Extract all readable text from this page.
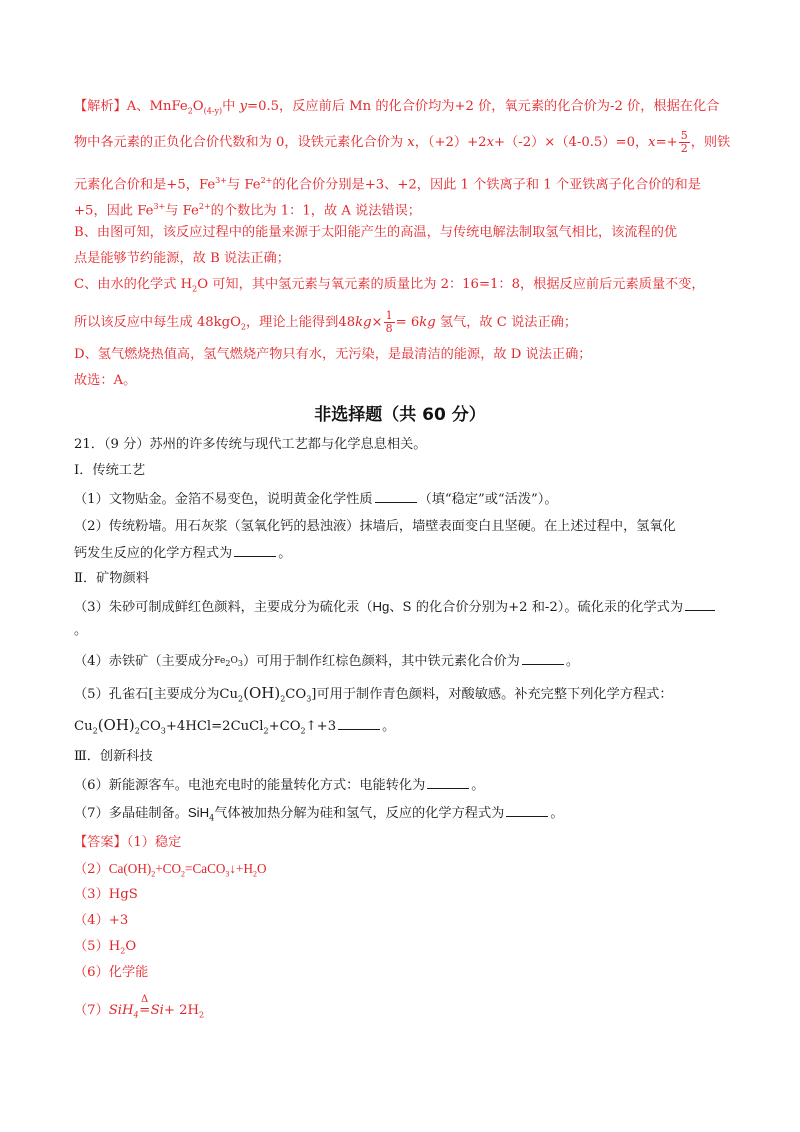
【解析】A、$MnFe_2O_{(4-y)}$中 y=0.5，反应前后 Mn 的化合价均为+2 价，氧元素的化合价为-2 价，根据在化合
物中各元素的正负化合价代数和为 0，设铁元素化合价为 x，（+2）+2x+（-2）×（4-0.5）=0，$x=+ \frac{5}{2}$ ，则铁
元素化合价和是+5，$Fe^{3+}$与 $Fe^{2+}$的化合价分别是+3、+2，因此 1 个铁离子和 1 个亚铁离子化合价的和是
+5，因此 $Fe^{3+}$与 $Fe^{2+}$的个数比为 1：1，故 A 说法错误；
B、由图可知，该反应过程中的能量来源于太阳能产生的高温，与传统电解法制取氢气相比，该流程的优
点是能够节约能源，故 B 说法正确；
C、由水的化学式 $H_2O$ 可知，其中氢元素与氧元素的质量比为 2：16=1：8，根据反应前后元素质量不变，
所以该反应中每生成 48kgO$_2$，理论上能得到$48kg\times \frac{1}{8} = 6kg$ 氢气，故 C 说法正确；
D、氢气燃烧热值高，氢气燃烧产物只有水，无污染，是最清洁的能源，故 D 说法正确；
故选：A。
非选择题（共 60 分）
21．（9 分）苏州的许多传统与现代工艺都与化学息息相关。
Ⅰ．传统工艺
（1）文物贴金。金箔不易变色，说明黄金化学性质	（填“稳定”或“活泼”）。
（2）传统粉墙。用石灰浆（氢氧化钙的悬浊液）抹墙后，墙壁表面变白且坚硬。在上述过程中，氢氧化
钙发生反应的化学方程式为	。
Ⅱ．矿物颜料
（3）朱砂可制成鲜红色颜料，主要成分为硫化汞（Hg、S 的化合价分别为+2 和-2）。硫化汞的化学式为
。
（4）赤铁矿（主要成分$^{Fe_2O_3}$）可用于制作红棕色颜料，其中铁元素化合价为	。
（5）孔雀石[主要成分为$Cu_2(OH)_2CO_3$]可用于制作青色颜料，对酸敏感。补充完整下列化学方程式：
$Cu_2(OH)_2CO_3+4HCl=2CuCl_2+CO_2↑+3$	。
Ⅲ．创新科技
（6）新能源客车。电池充电时的能量转化方式：电能转化为	。
（7）多晶硅制备。SiH$_4$气体被加热分解为硅和氢气，反应的化学方程式为	。
【答案】（1）稳定
$(2)Ca(OH)_2+CO_2=CaCO_3↓+H_2O$
（3）HgS
（4）+3
$(5)H_2O$
（6）化学能
（7）SiH$_4$
Δ
$=Si+ 2H_2$
